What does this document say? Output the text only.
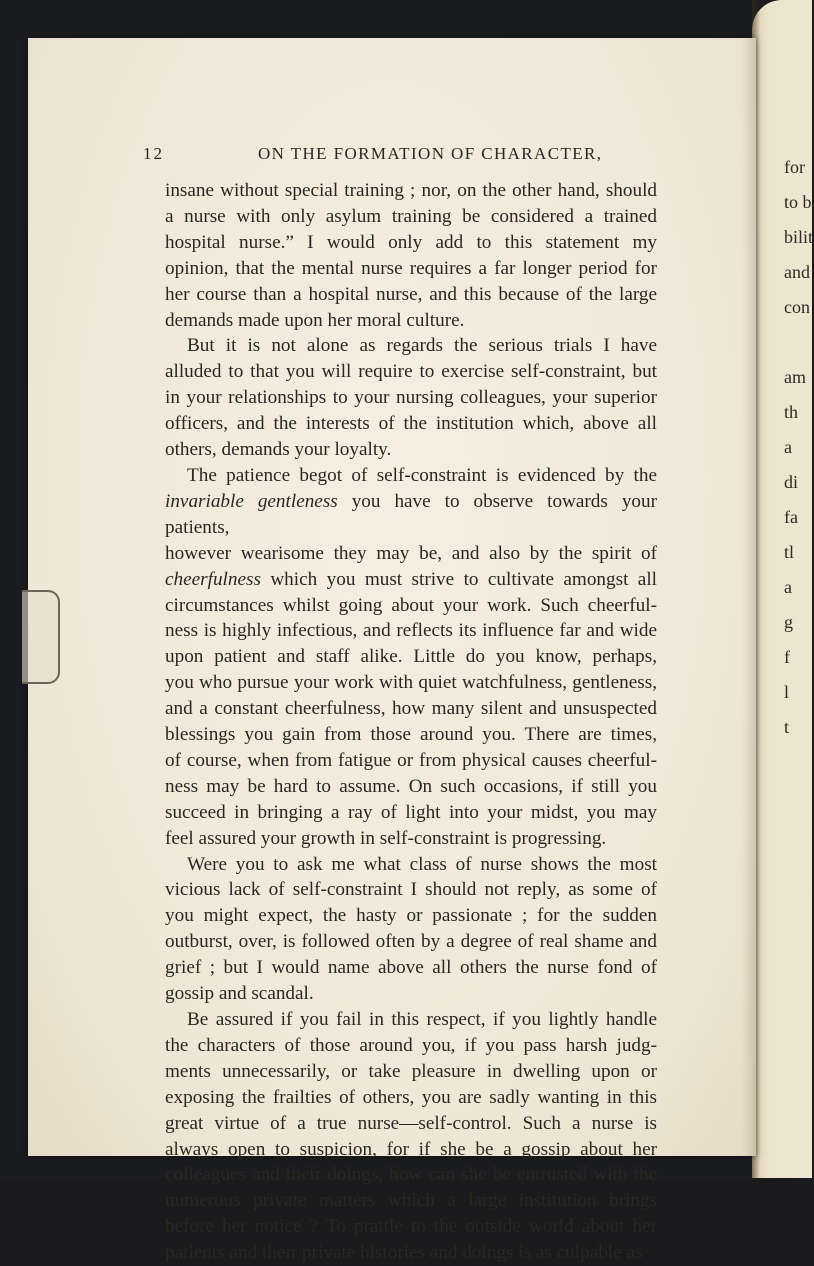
for
to b
bilit
and
con

am
th
a
di
fa
tl
a
g
f
l
t
12	ON THE FORMATION OF CHARACTER,
insane without special training ; nor, on the other hand, should
a nurse with only asylum training be considered a trained
hospital nurse.” I would only add to this statement my
opinion, that the mental nurse requires a far longer period for
her course than a hospital nurse, and this because of the large
demands made upon her moral culture.
But it is not alone as regards the serious trials I have
alluded to that you will require to exercise self-constraint, but
in your relationships to your nursing colleagues, your superior
officers, and the interests of the institution which, above all
others, demands your loyalty.
The patience begot of self-constraint is evidenced by the
invariable gentleness you have to observe towards your patients,
however wearisome they may be, and also by the spirit of
cheerfulness which you must strive to cultivate amongst all
circumstances whilst going about your work. Such cheerful-
ness is highly infectious, and reflects its influence far and wide
upon patient and staff alike. Little do you know, perhaps,
you who pursue your work with quiet watchfulness, gentleness,
and a constant cheerfulness, how many silent and unsuspected
blessings you gain from those around you. There are times,
of course, when from fatigue or from physical causes cheerful-
ness may be hard to assume. On such occasions, if still you
succeed in bringing a ray of light into your midst, you may
feel assured your growth in self-constraint is progressing.
Were you to ask me what class of nurse shows the most
vicious lack of self-constraint I should not reply, as some of
you might expect, the hasty or passionate ; for the sudden
outburst, over, is followed often by a degree of real shame and
grief ; but I would name above all others the nurse fond of
gossip and scandal.
Be assured if you fail in this respect, if you lightly handle
the characters of those around you, if you pass harsh judg-
ments unnecessarily, or take pleasure in dwelling upon or
exposing the frailties of others, you are sadly wanting in this
great virtue of a true nurse—self-control. Such a nurse is
always open to suspicion, for if she be a gossip about her
colleagues and their doings, how can she be entrusted with the
numerous private matters which a large institution brings
before her notice ? To prattle to the outside world about her
patients and their private histories and doings is as culpable as
